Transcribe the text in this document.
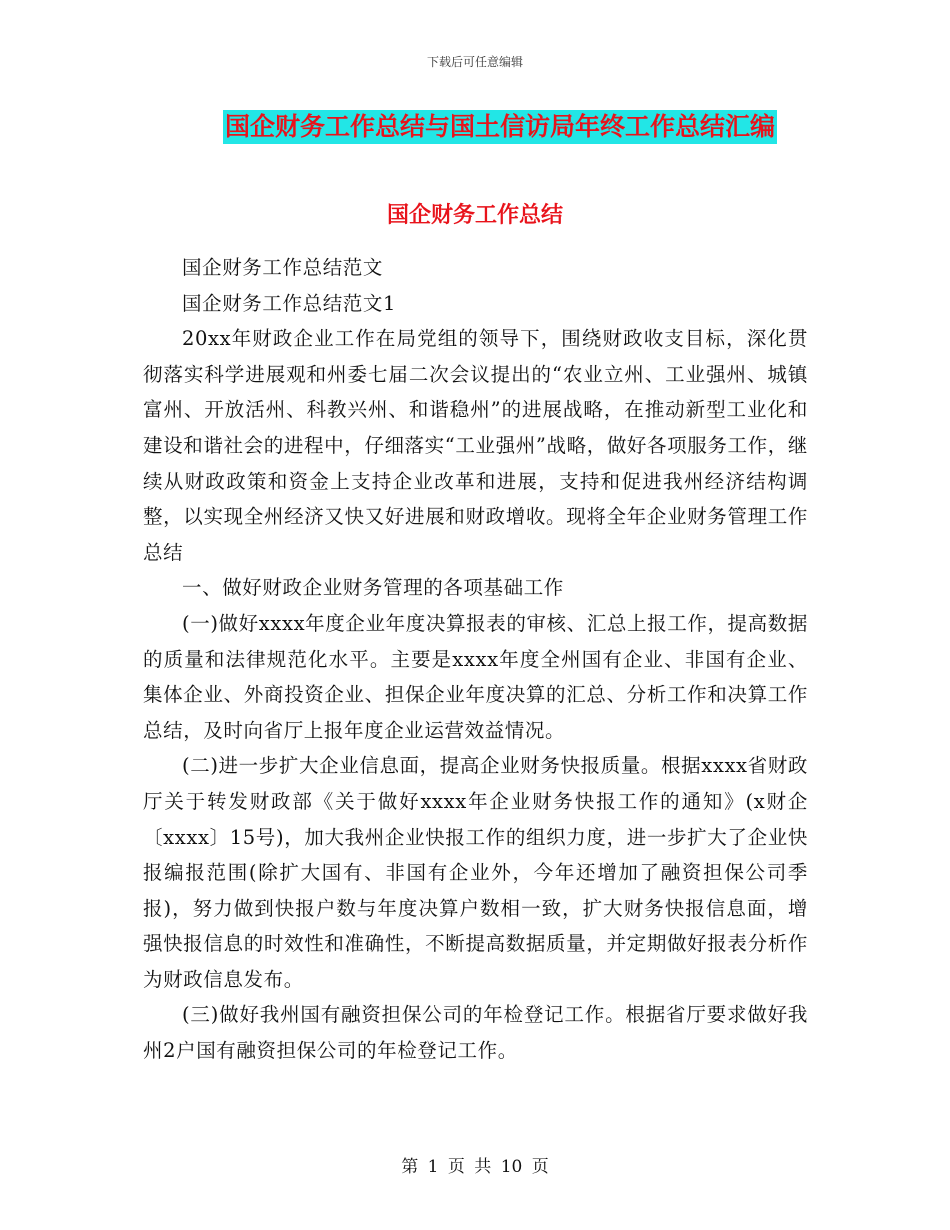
下载后可任意编辑
国企财务工作总结与国土信访局年终工作总结汇编
国企财务工作总结

国企财务工作总结范文

国企财务工作总结范文1

20xx年财政企业工作在局党组的领导下，围绕财政收支目标，深化贯彻落实科学进展观和州委七届二次会议提出的“农业立州、工业强州、城镇富州、开放活州、科教兴州、和谐稳州”的进展战略，在推动新型工业化和建设和谐社会的进程中，仔细落实“工业强州”战略，做好各项服务工作，继续从财政政策和资金上支持企业改革和进展，支持和促进我州经济结构调整，以实现全州经济又快又好进展和财政增收。现将全年企业财务管理工作总结

一、做好财政企业财务管理的各项基础工作

(一)做好xxxx年度企业年度决算报表的审核、汇总上报工作，提高数据的质量和法律规范化水平。主要是xxxx年度全州国有企业、非国有企业、集体企业、外商投资企业、担保企业年度决算的汇总、分析工作和决算工作总结，及时向省厅上报年度企业运营效益情况。

(二)进一步扩大企业信息面，提高企业财务快报质量。根据xxxx省财政厅关于转发财政部《关于做好xxxx年企业财务快报工作的通知》(x财企〔xxxx〕15号)，加大我州企业快报工作的组织力度，进一步扩大了企业快报编报范围(除扩大国有、非国有企业外，今年还增加了融资担保公司季报)，努力做到快报户数与年度决算户数相一致，扩大财务快报信息面，增强快报信息的时效性和准确性，不断提高数据质量，并定期做好报表分析作为财政信息发布。

(三)做好我州国有融资担保公司的年检登记工作。根据省厅要求做好我州2户国有融资担保公司的年检登记工作。

第 1 页 共 10 页
